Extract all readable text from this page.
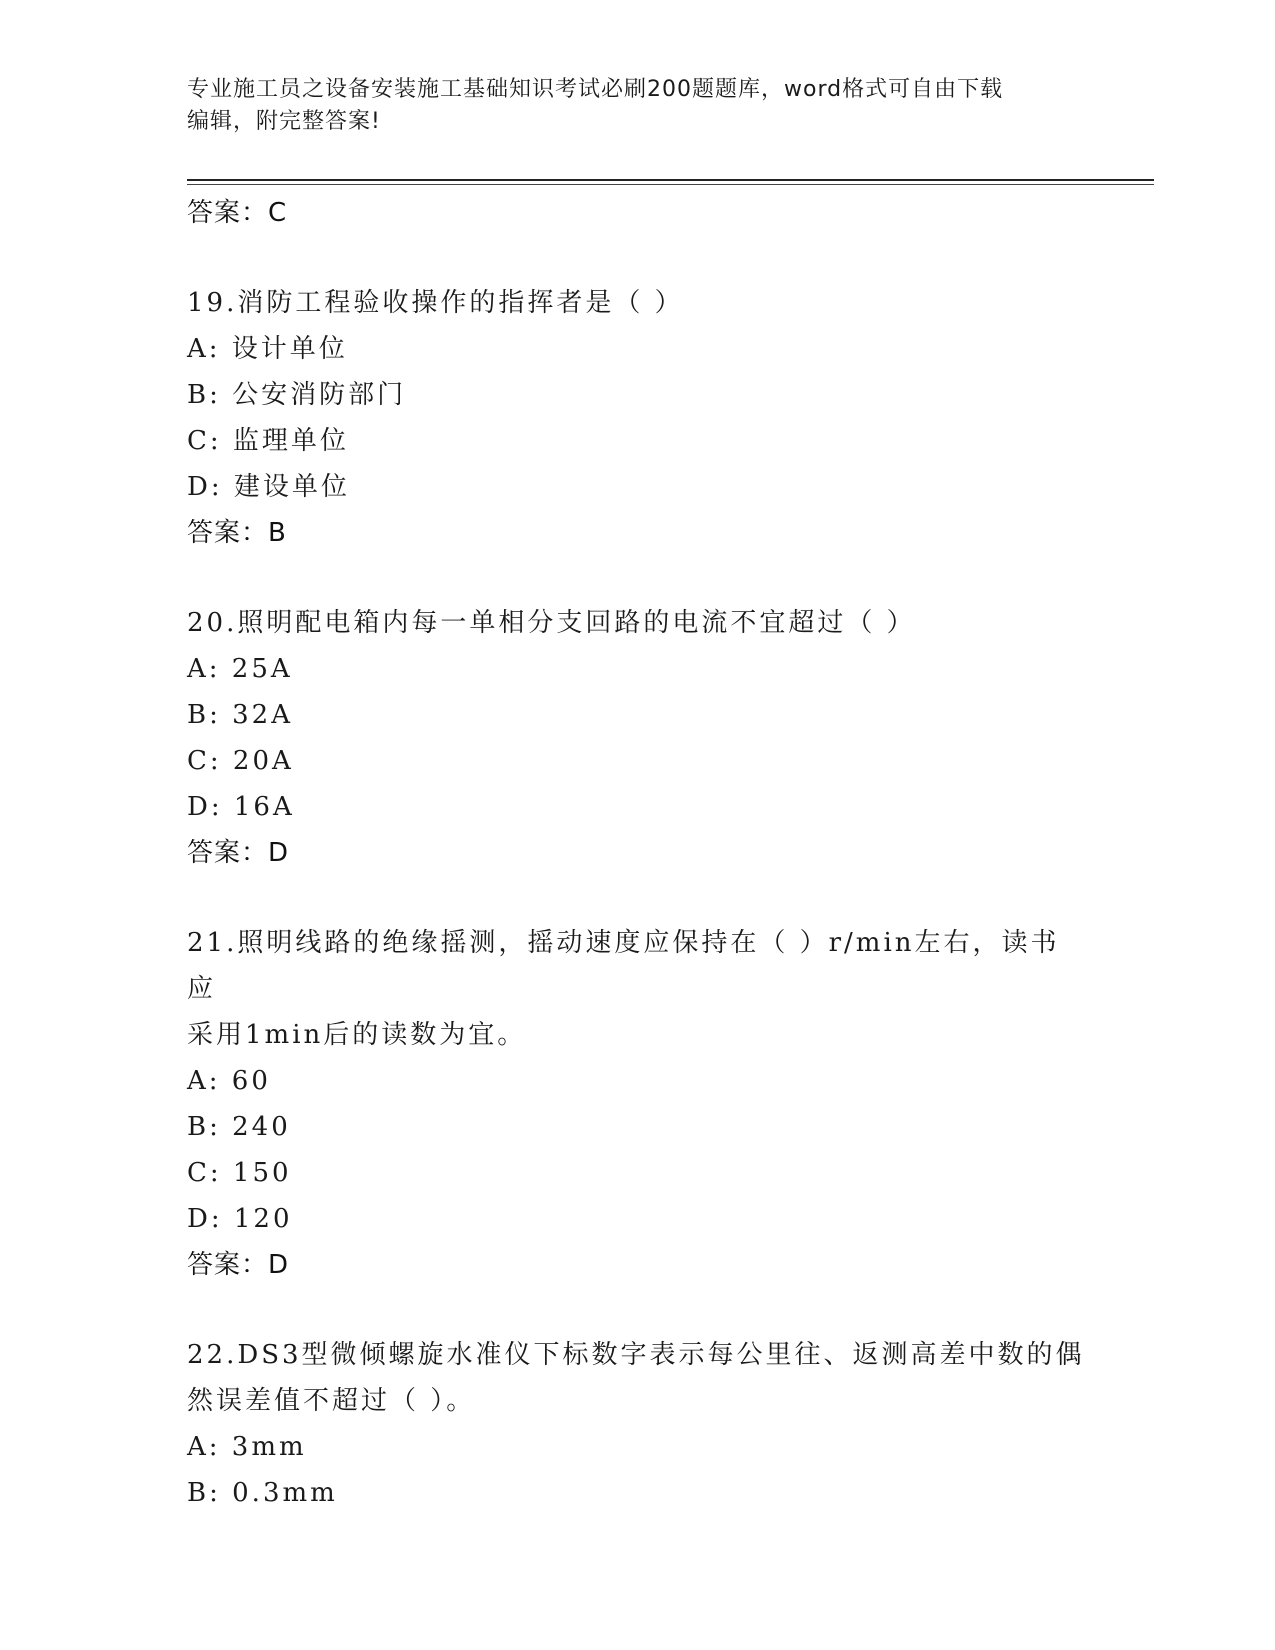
专业施工员之设备安装施工基础知识考试必刷200题题库，word格式可自由下载
编辑，附完整答案!

答案：C

19.消防工程验收操作的指挥者是（ ）

A: 设计单位

B: 公安消防部门

C: 监理单位

D: 建设单位

答案：B

20.照明配电箱内每一单相分支回路的电流不宜超过（ ）

A: 25A

B: 32A

C: 20A

D: 16A

答案：D

21.照明线路的绝缘摇测，摇动速度应保持在（ ）r/min左右，读书应

采用1min后的读数为宜。

A: 60

B: 240

C: 150

D: 120

答案：D

22.DS3型微倾螺旋水准仪下标数字表示每公里往、返测高差中数的偶

然误差值不超过（ ）。

A: 3mm

B: 0.3mm
